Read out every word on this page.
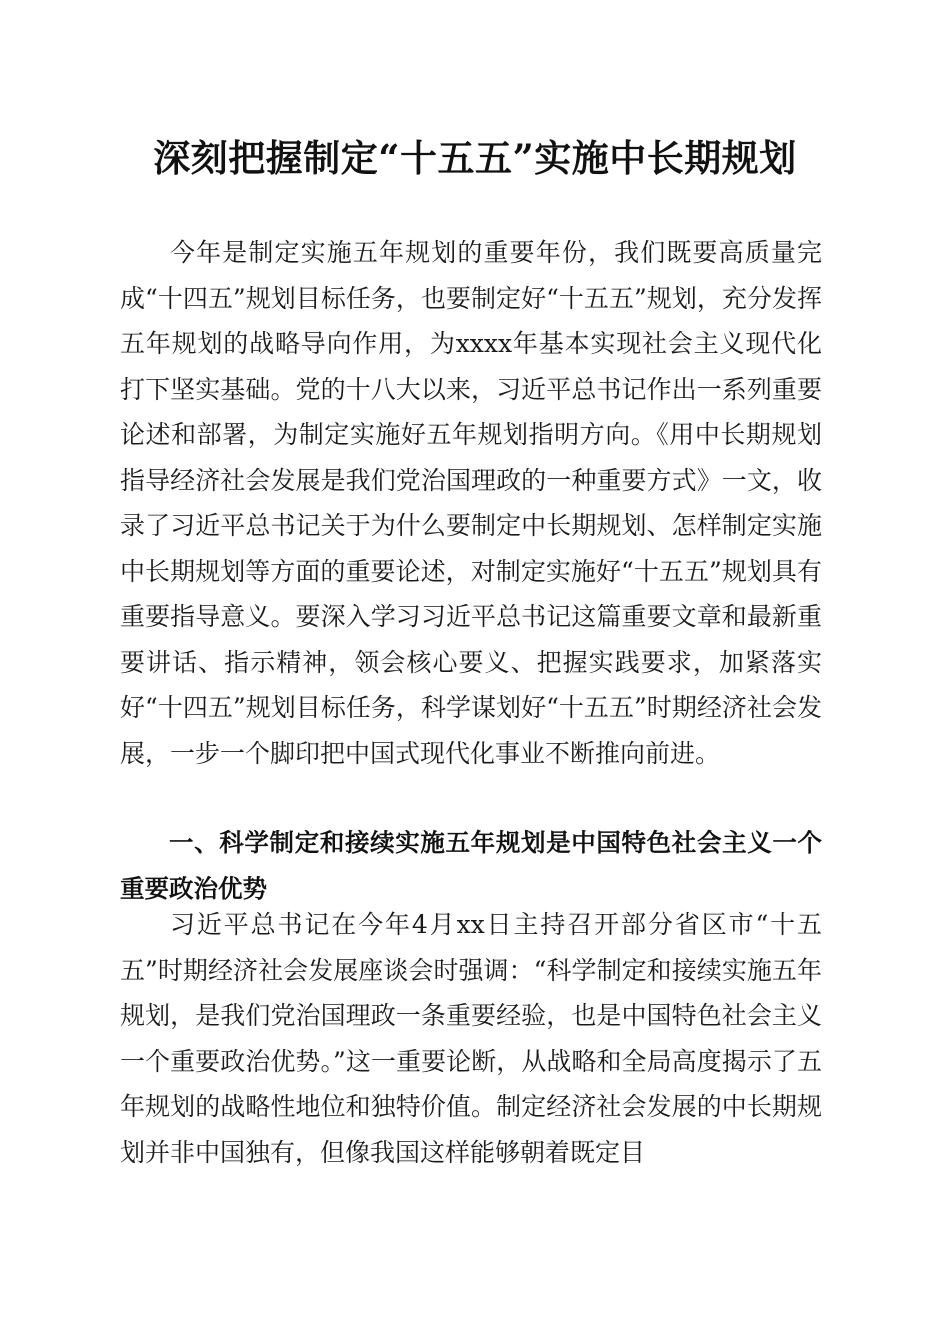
深刻把握制定“十五五”实施中长期规划

今年是制定实施五年规划的重要年份，我们既要高质量完成“十四五”规划目标任务，也要制定好“十五五”规划，充分发挥五年规划的战略导向作用，为xxxx年基本实现社会主义现代化打下坚实基础。党的十八大以来，习近平总书记作出一系列重要论述和部署，为制定实施好五年规划指明方向。《用中长期规划指导经济社会发展是我们党治国理政的一种重要方式》一文，收录了习近平总书记关于为什么要制定中长期规划、怎样制定实施中长期规划等方面的重要论述，对制定实施好“十五五”规划具有重要指导意义。要深入学习习近平总书记这篇重要文章和最新重要讲话、指示精神，领会核心要义、把握实践要求，加紧落实好“十四五”规划目标任务，科学谋划好“十五五”时期经济社会发展，一步一个脚印把中国式现代化事业不断推向前进。

一、科学制定和接续实施五年规划是中国特色社会主义一个重要政治优势

习近平总书记在今年4月xx日主持召开部分省区市“十五五”时期经济社会发展座谈会时强调：“科学制定和接续实施五年规划，是我们党治国理政一条重要经验，也是中国特色社会主义一个重要政治优势。”这一重要论断，从战略和全局高度揭示了五年规划的战略性地位和独特价值。制定经济社会发展的中长期规划并非中国独有，但像我国这样能够朝着既定目
